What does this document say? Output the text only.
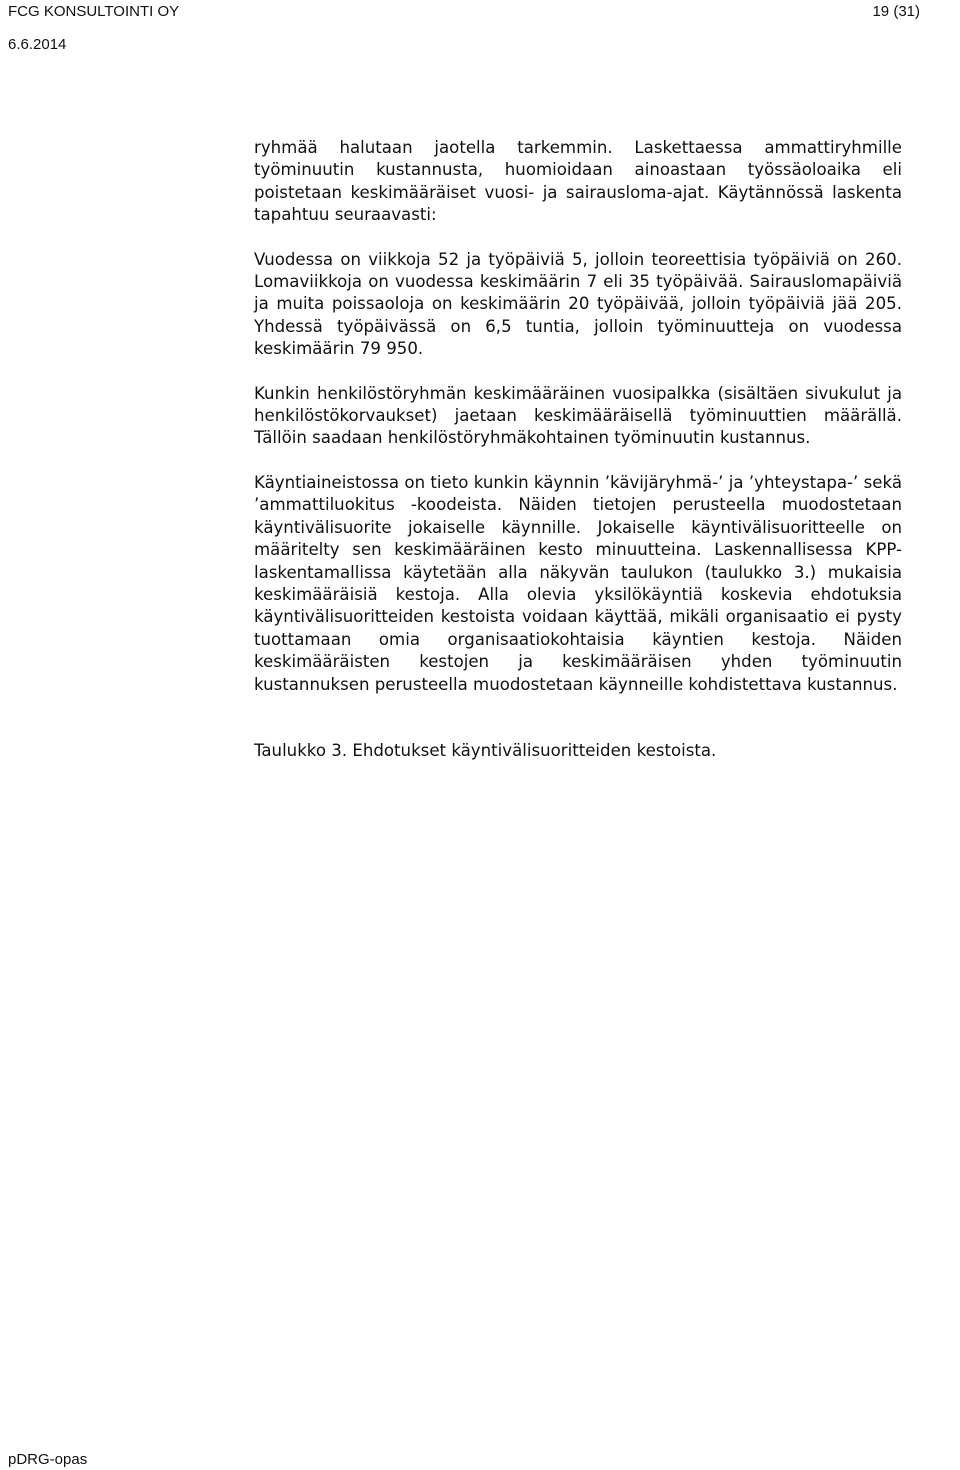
FCG KONSULTOINTI OY
6.6.2014
19 (31)

ryhmää halutaan jaotella tarkemmin. Laskettaessa ammattiryhmille työminuutin kustannusta, huomioidaan ainoastaan työssäoloaika eli poistetaan keskimääräiset vuosi- ja sairausloma-ajat. Käytännössä laskenta tapahtuu seuraavasti:

Vuodessa on viikkoja 52 ja työpäiviä 5, jolloin teoreettisia työpäiviä on 260. Lomaviikkoja on vuodessa keskimäärin 7 eli 35 työpäivää. Sairauslomapäiviä ja muita poissaoloja on keskimäärin 20 työpäivää, jolloin työpäiviä jää 205. Yhdessä työpäivässä on 6,5 tuntia, jolloin työminuutteja on vuodessa keskimäärin 79 950.

Kunkin henkilöstöryhmän keskimääräinen vuosipalkka (sisältäen sivukulut ja henkilöstökorvaukset) jaetaan keskimääräisellä työminuuttien määrällä. Tällöin saadaan henkilöstöryhmäkohtainen työminuutin kustannus.

Käyntiaineistossa on tieto kunkin käynnin ’kävijäryhmä-’ ja ’yhteystapa-’ sekä ’ammattiluokitus -koodeista. Näiden tietojen perusteella muodostetaan käyntivälisuorite jokaiselle käynnille. Jokaiselle käyntivälisuoritteelle on määritelty sen keskimääräinen kesto minuutteina. Laskennallisessa KPP-laskentamallissa käytetään alla näkyvän taulukon (taulukko 3.) mukaisia keskimääräisiä kestoja. Alla olevia yksilökäyntiä koskevia ehdotuksia käyntivälisuoritteiden kestoista voidaan käyttää, mikäli organisaatio ei pysty tuottamaan omia organisaatiokohtaisia käyntien kestoja. Näiden keskimääräisten kestojen ja keskimääräisen yhden työminuutin kustannuksen perusteella muodostetaan käynneille kohdistettava kustannus.

Taulukko 3. Ehdotukset käyntivälisuoritteiden kestoista.

pDRG-opas
